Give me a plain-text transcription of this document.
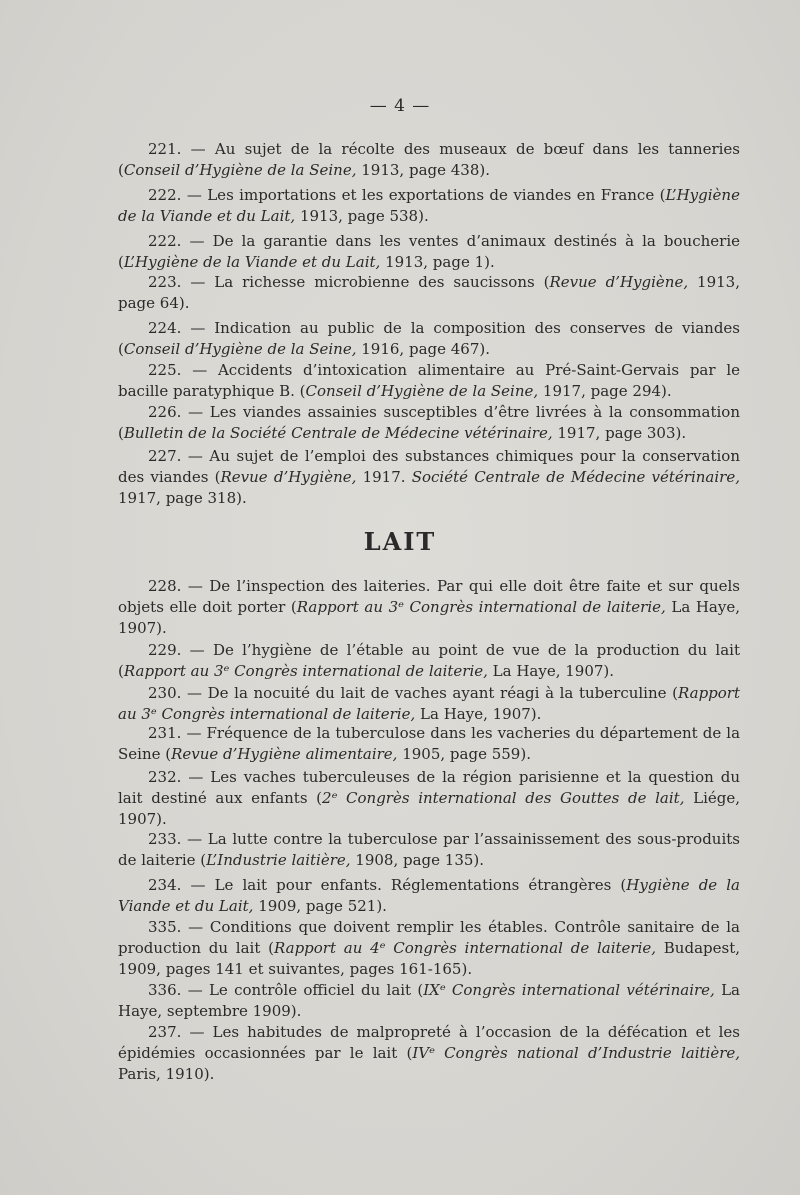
— 4 —

221. — Au sujet de la récolte des museaux de bœuf dans les tanneries (Conseil d’Hygiène de la Seine, 1913, page 438).

222. — Les importations et les exportations de viandes en France (L’Hygiène de la Viande et du Lait, 1913, page 538).

222. — De la garantie dans les ventes d’animaux destinés à la boucherie (L’Hygiène de la Viande et du Lait, 1913, page 1).

223. — La richesse microbienne des saucissons (Revue d’Hygiène, 1913, page 64).

224. — Indication au public de la composition des conserves de viandes (Conseil d’Hygiène de la Seine, 1916, page 467).

225. — Accidents d’intoxication alimentaire au Pré-Saint-Gervais par le bacille paratyphique B. (Conseil d’Hygiène de la Seine, 1917, page 294).

226. — Les viandes assainies susceptibles d’être livrées à la consommation (Bulletin de la Société Centrale de Médecine vétérinaire, 1917, page 303).

227. — Au sujet de l’emploi des substances chimiques pour la conservation des viandes (Revue d’Hygiène, 1917. Société Centrale de Médecine vétérinaire, 1917, page 318).

228. — De l’inspection des laiteries. Par qui elle doit être faite et sur quels objets elle doit porter (Rapport au 3ᵉ Congrès international de laiterie, La Haye, 1907).

229. — De l’hygiène de l’étable au point de vue de la production du lait (Rapport au 3ᵉ Congrès international de laiterie, La Haye, 1907).

230. — De la nocuité du lait de vaches ayant réagi à la tuberculine (Rapport au 3ᵉ Congrès international de laiterie, La Haye, 1907).

231. — Fréquence de la tuberculose dans les vacheries du département de la Seine (Revue d’Hygiène alimentaire, 1905, page 559).

232. — Les vaches tuberculeuses de la région parisienne et la question du lait destiné aux enfants (2ᵉ Congrès international des Gouttes de lait, Liége, 1907).

233. — La lutte contre la tuberculose par l’assainissement des sous-produits de laiterie (L’Industrie laitière, 1908, page 135).

234. — Le lait pour enfants. Réglementations étrangères (Hygiène de la Viande et du Lait, 1909, page 521).

335. — Conditions que doivent remplir les étables. Contrôle sanitaire de la production du lait (Rapport au 4ᵉ Congrès international de laiterie, Budapest, 1909, pages 141 et suivantes, pages 161-165).

336. — Le contrôle officiel du lait (IXᵉ Congrès international vétérinaire, La Haye, septembre 1909).

237. — Les habitudes de malpropreté à l’occasion de la défécation et les épidémies occasionnées par le lait (IVᵉ Congrès national d’Industrie laitière, Paris, 1910).

LAIT
